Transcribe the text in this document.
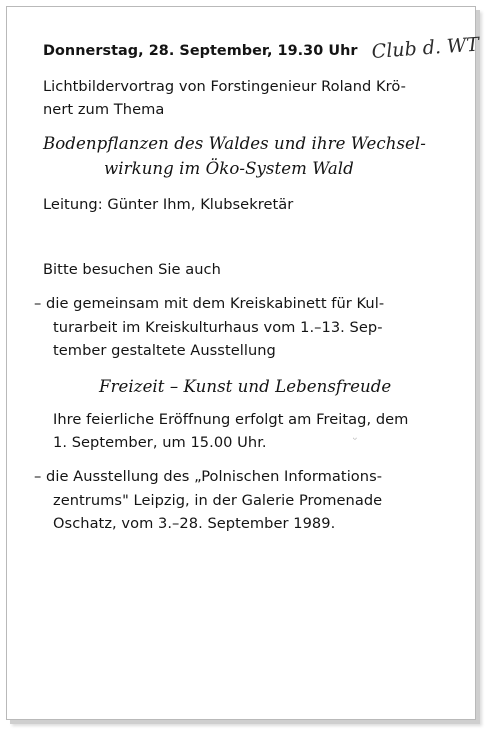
Donnerstag, 28. September, 19.30 Uhr Club d. WT
Lichtbildervortrag von Forstingenieur Roland Krö-
nert zum Thema
Bodenpflanzen des Waldes und ihre Wechsel-
wirkung im Öko-System Wald
Leitung: Günter Ihm, Klubsekretär
Bitte besuchen Sie auch
– die gemeinsam mit dem Kreiskabinett für Kul-
turarbeit im Kreiskulturhaus vom 1.–13. Sep-
tember gestaltete Ausstellung
Freizeit – Kunst und Lebensfreude
Ihre feierliche Eröffnung erfolgt am Freitag, dem
1. September, um 15.00 Uhr.	ᵕ
– die Ausstellung des „Polnischen Informations-
zentrums" Leipzig, in der Galerie Promenade
Oschatz, vom 3.–28. September 1989.
